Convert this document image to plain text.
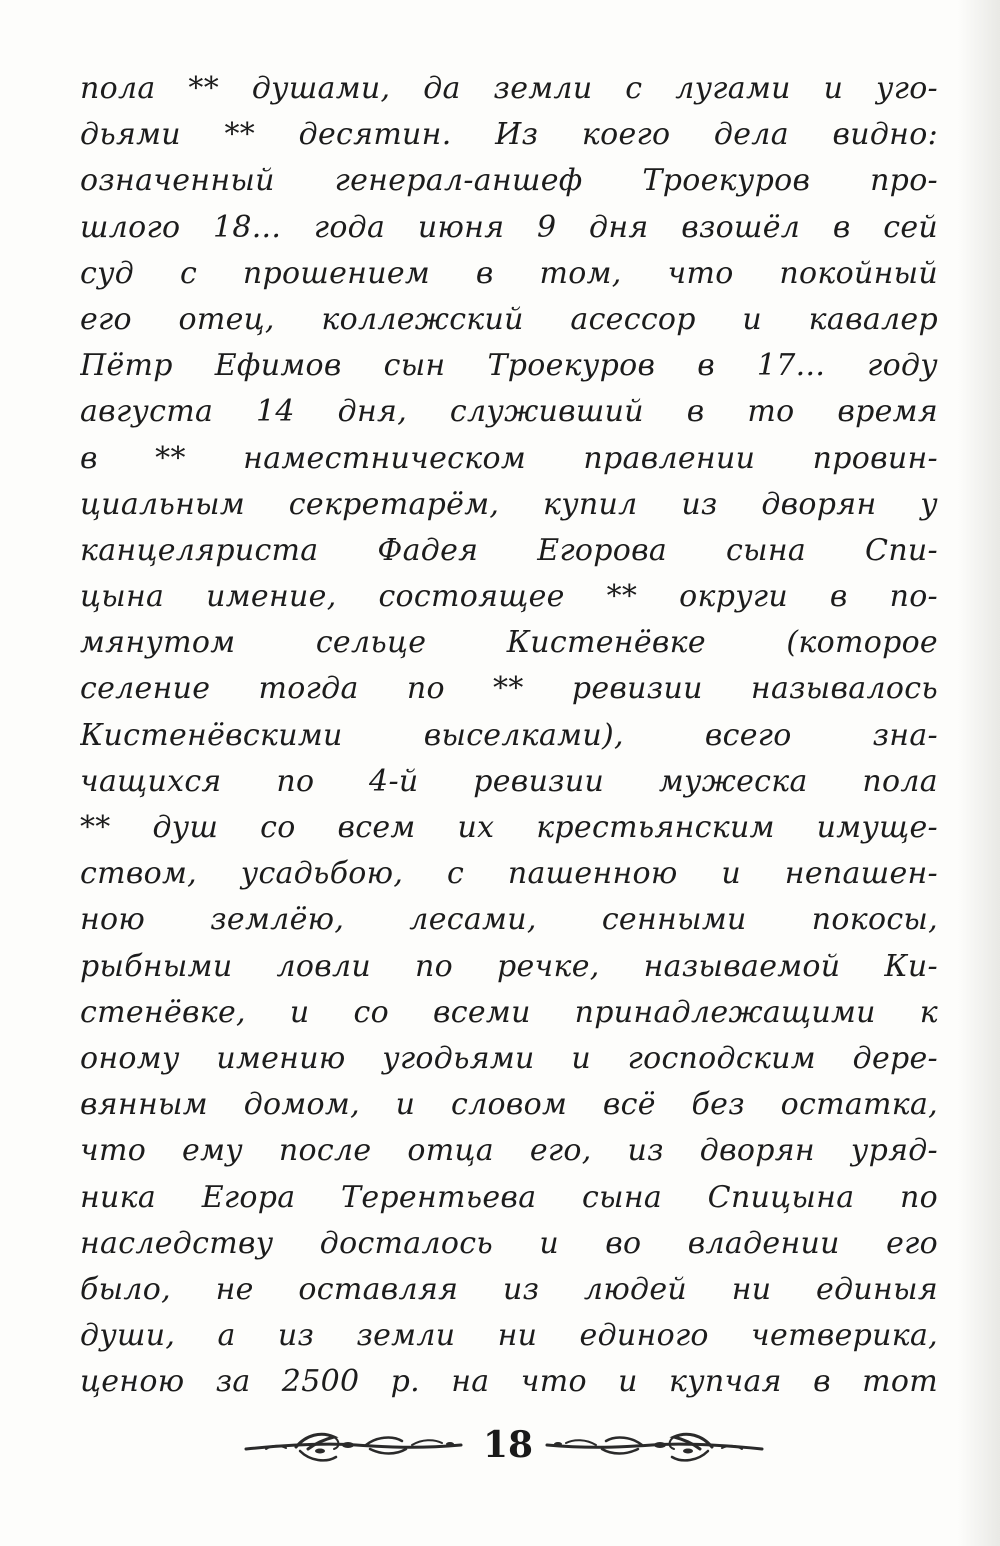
пола ** душами, да земли с лугами и уго-
дьями ** десятин. Из коего дела видно:
означенный генерал-аншеф Троекуров про-
шлого 18... года июня 9 дня взошёл в сей
суд с прошением в том, что покойный
его отец, коллежский асессор и кавалер
Пётр Ефимов сын Троекуров в 17... году
августа 14 дня, служивший в то время
в ** наместническом правлении провин-
циальным секретарём, купил из дворян у
канцеляриста Фадея Егорова сына Спи-
цына имение, состоящее ** округи в по-
мянутом сельце Кистенёвке (которое
селение тогда по ** ревизии называлось
Кистенёвскими выселками), всего зна-
чащихся по 4-й ревизии мужеска пола
** душ со всем их крестьянским имуще-
ством, усадьбою, с пашенною и непашен-
ною землёю, лесами, сенными покосы,
рыбными ловли по речке, называемой Ки-
стенёвке, и со всеми принадлежащими к
оному имению угодьями и господским дере-
вянным домом, и словом всё без остатка,
что ему после отца его, из дворян уряд-
ника Егора Терентьева сына Спицына по
наследству досталось и во владении его
было, не оставляя из людей ни единыя
души, а из земли ни единого четверика,
ценою за 2500 р. на что и купчая в тот
18
